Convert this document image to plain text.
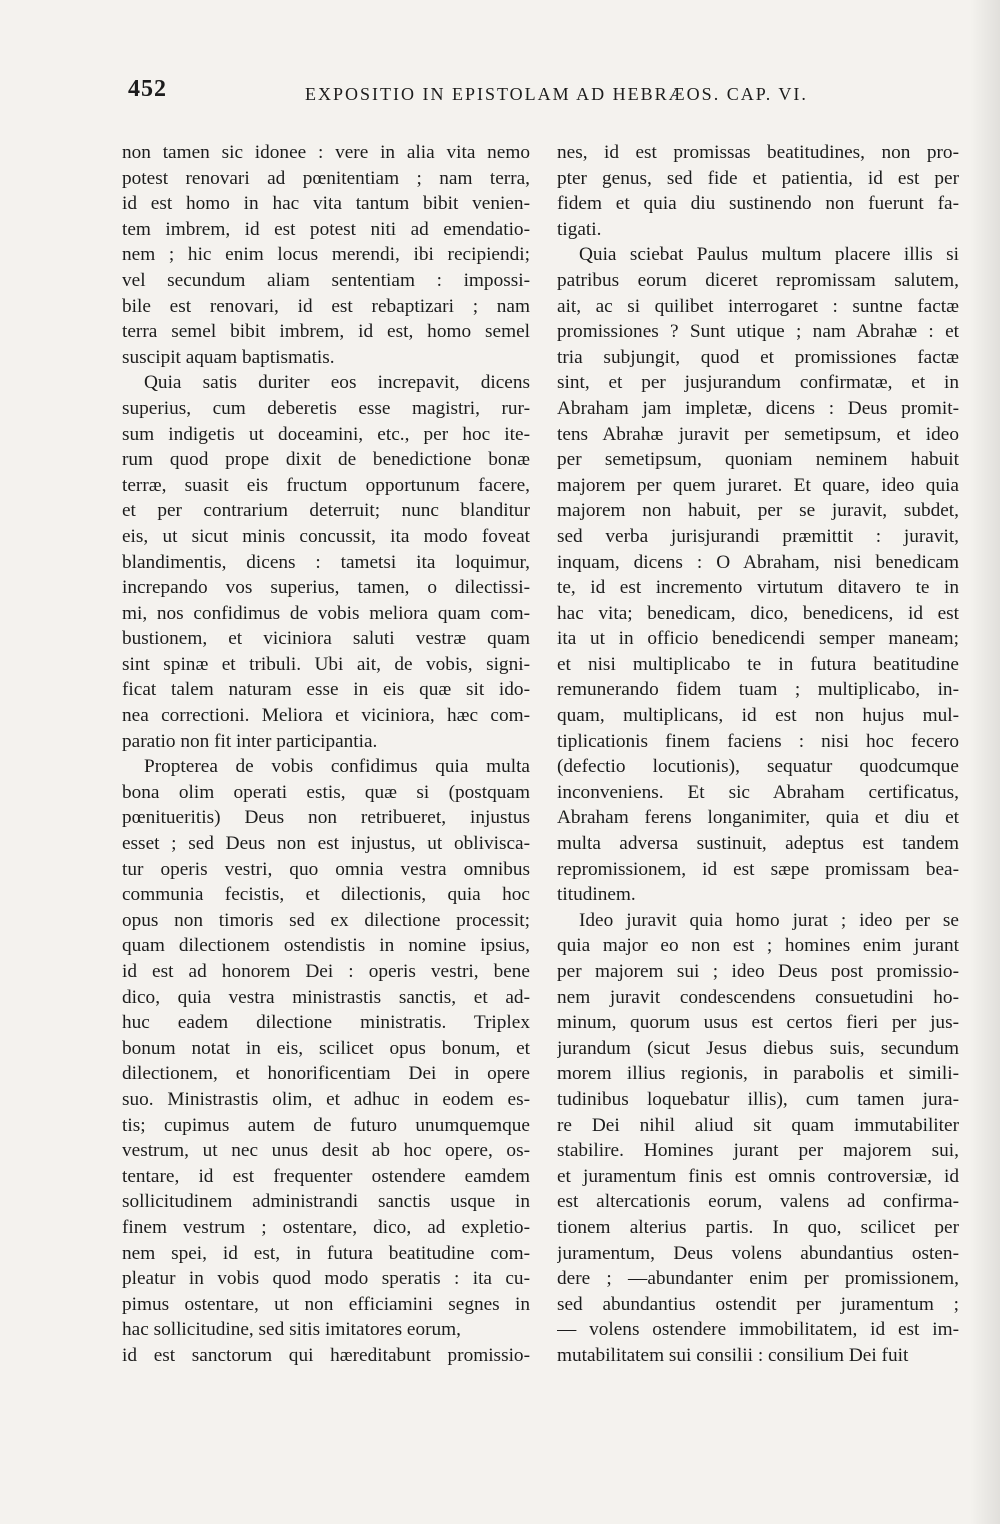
452	EXPOSITIO IN EPISTOLAM AD HEBRÆOS. CAP. VI.
non tamen sic idonee : vere in alia vita nemo
potest renovari ad pœnitentiam ; nam terra,
id est homo in hac vita tantum bibit venien-
tem imbrem, id est potest niti ad emendatio-
nem ; hic enim locus merendi, ibi recipiendi;
vel secundum aliam sententiam : impossi-
bile est renovari, id est rebaptizari ; nam
terra semel bibit imbrem, id est, homo semel
suscipit aquam baptismatis.
Quia satis duriter eos increpavit, dicens
superius, cum deberetis esse magistri, rur-
sum indigetis ut doceamini, etc., per hoc ite-
rum quod prope dixit de benedictione bonæ
terræ, suasit eis fructum opportunum facere,
et per contrarium deterruit; nunc blanditur
eis, ut sicut minis concussit, ita modo foveat
blandimentis, dicens : tametsi ita loquimur,
increpando vos superius, tamen, o dilectissi-
mi, nos confidimus de vobis meliora quam com-
bustionem, et viciniora saluti vestræ quam
sint spinæ et tribuli. Ubi ait, de vobis, signi-
ficat talem naturam esse in eis quæ sit ido-
nea correctioni. Meliora et viciniora, hæc com-
paratio non fit inter participantia.
Propterea de vobis confidimus quia multa
bona olim operati estis, quæ si (postquam
pœnitueritis) Deus non retribueret, injustus
esset ; sed Deus non est injustus, ut oblivisca-
tur operis vestri, quo omnia vestra omnibus
communia fecistis, et dilectionis, quia hoc
opus non timoris sed ex dilectione processit;
quam dilectionem ostendistis in nomine ipsius,
id est ad honorem Dei : operis vestri, bene
dico, quia vestra ministrastis sanctis, et ad-
huc eadem dilectione ministratis. Triplex
bonum notat in eis, scilicet opus bonum, et
dilectionem, et honorificentiam Dei in opere
suo. Ministrastis olim, et adhuc in eodem es-
tis; cupimus autem de futuro unumquemque
vestrum, ut nec unus desit ab hoc opere, os-
tentare, id est frequenter ostendere eamdem
sollicitudinem administrandi sanctis usque in
finem vestrum ; ostentare, dico, ad expletio-
nem spei, id est, in futura beatitudine com-
pleatur in vobis quod modo speratis : ita cu-
pimus ostentare, ut non efficiamini segnes in
hac sollicitudine, sed sitis imitatores eorum,
id est sanctorum qui hæreditabunt promissio-
nes, id est promissas beatitudines, non pro-
pter genus, sed fide et patientia, id est per
fidem et quia diu sustinendo non fuerunt fa-
tigati.
Quia sciebat Paulus multum placere illis si
patribus eorum diceret repromissam salutem,
ait, ac si quilibet interrogaret : suntne factæ
promissiones ? Sunt utique ; nam Abrahæ : et
tria subjungit, quod et promissiones factæ
sint, et per jusjurandum confirmatæ, et in
Abraham jam impletæ, dicens : Deus promit-
tens Abrahæ juravit per semetipsum, et ideo
per semetipsum, quoniam neminem habuit
majorem per quem juraret. Et quare, ideo quia
majorem non habuit, per se juravit, subdet,
sed verba jurisjurandi præmittit : juravit,
inquam, dicens : O Abraham, nisi benedicam
te, id est incremento virtutum ditavero te in
hac vita; benedicam, dico, benedicens, id est
ita ut in officio benedicendi semper maneam;
et nisi multiplicabo te in futura beatitudine
remunerando fidem tuam ; multiplicabo, in-
quam, multiplicans, id est non hujus mul-
tiplicationis finem faciens : nisi hoc fecero
(defectio locutionis), sequatur quodcumque
inconveniens. Et sic Abraham certificatus,
Abraham ferens longanimiter, quia et diu et
multa adversa sustinuit, adeptus est tandem
repromissionem, id est sæpe promissam bea-
titudinem.
Ideo juravit quia homo jurat ; ideo per se
quia major eo non est ; homines enim jurant
per majorem sui ; ideo Deus post promissio-
nem juravit condescendens consuetudini ho-
minum, quorum usus est certos fieri per jus-
jurandum (sicut Jesus diebus suis, secundum
morem illius regionis, in parabolis et simili-
tudinibus loquebatur illis), cum tamen jura-
re Dei nihil aliud sit quam immutabiliter
stabilire. Homines jurant per majorem sui,
et juramentum finis est omnis controversiæ, id
est altercationis eorum, valens ad confirma-
tionem alterius partis. In quo, scilicet per
juramentum, Deus volens abundantius osten-
dere ; —abundanter enim per promissionem,
sed abundantius ostendit per juramentum ;
— volens ostendere immobilitatem, id est im-
mutabilitatem sui consilii : consilium Dei fuit
